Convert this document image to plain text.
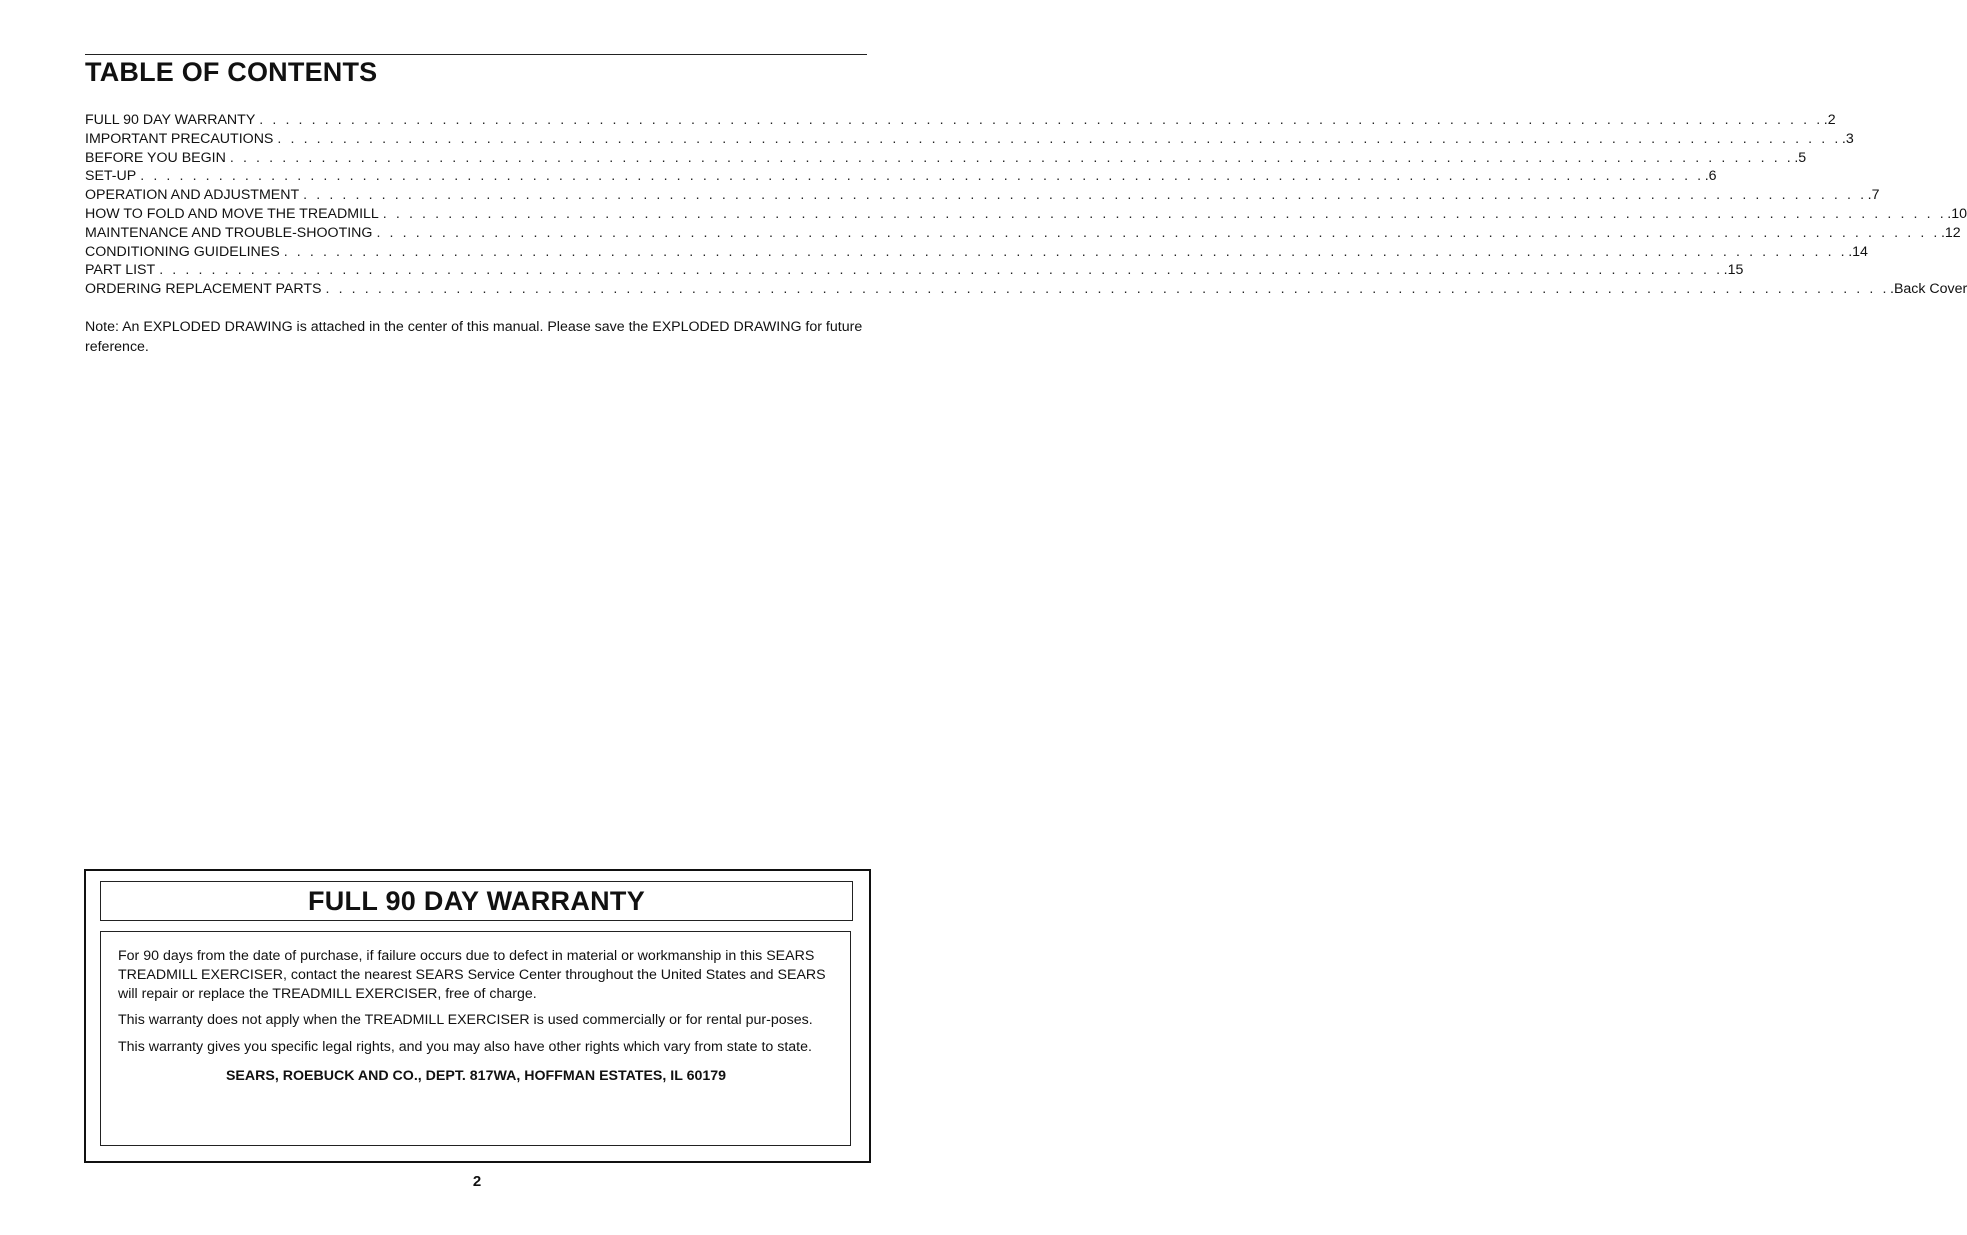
TABLE OF CONTENTS
FULL 90 DAY WARRANTY . . . . . . . . . . . . . . . . . . . . . . . . . . . . . . . . . . . . . . . . . . . . . . . . . . . . . . . . . . . . . . . . . . . . . . . . . . . . . . . . . . . . . . . . . . . . . . . . . . . . . . . . . . . . . . . . . . . . . . . . .2
IMPORTANT PRECAUTIONS . . . . . . . . . . . . . . . . . . . . . . . . . . . . . . . . . . . . . . . . . . . . . . . . . . . . . . . . . . . . . . . . . . . . . . . . . . . . . . . . . . . . . . . . . . . . . . . . . . . . . . . . . . . . . . . . . . . . . . . . .3
BEFORE YOU BEGIN . . . . . . . . . . . . . . . . . . . . . . . . . . . . . . . . . . . . . . . . . . . . . . . . . . . . . . . . . . . . . . . . . . . . . . . . . . . . . . . . . . . . . . . . . . . . . . . . . . . . . . . . . . . . . . . . . . . . . . . . .5
SET-UP . . . . . . . . . . . . . . . . . . . . . . . . . . . . . . . . . . . . . . . . . . . . . . . . . . . . . . . . . . . . . . . . . . . . . . . . . . . . . . . . . . . . . . . . . . . . . . . . . . . . . . . . . . . . . . . . . . . . . . . . .6
OPERATION AND ADJUSTMENT . . . . . . . . . . . . . . . . . . . . . . . . . . . . . . . . . . . . . . . . . . . . . . . . . . . . . . . . . . . . . . . . . . . . . . . . . . . . . . . . . . . . . . . . . . . . . . . . . . . . . . . . . . . . . . . . . . . . . . . . .7
HOW TO FOLD AND MOVE THE TREADMILL . . . . . . . . . . . . . . . . . . . . . . . . . . . . . . . . . . . . . . . . . . . . . . . . . . . . . . . . . . . . . . . . . . . . . . . . . . . . . . . . . . . . . . . . . . . . . . . . . . . . . . . . . . . . . . . . . . . . . . . . .10
MAINTENANCE AND TROUBLE-SHOOTING . . . . . . . . . . . . . . . . . . . . . . . . . . . . . . . . . . . . . . . . . . . . . . . . . . . . . . . . . . . . . . . . . . . . . . . . . . . . . . . . . . . . . . . . . . . . . . . . . . . . . . . . . . . . . . . . . . . . . . . . .12
CONDITIONING GUIDELINES . . . . . . . . . . . . . . . . . . . . . . . . . . . . . . . . . . . . . . . . . . . . . . . . . . . . . . . . . . . . . . . . . . . . . . . . . . . . . . . . . . . . . . . . . . . . . . . . . . . . . . . . . . . . . . . . . . . . . . . . .14
PART LIST . . . . . . . . . . . . . . . . . . . . . . . . . . . . . . . . . . . . . . . . . . . . . . . . . . . . . . . . . . . . . . . . . . . . . . . . . . . . . . . . . . . . . . . . . . . . . . . . . . . . . . . . . . . . . . . . . . . . . . . . .15
ORDERING REPLACEMENT PARTS . . . . . . . . . . . . . . . . . . . . . . . . . . . . . . . . . . . . . . . . . . . . . . . . . . . . . . . . . . . . . . . . . . . . . . . . . . . . . . . . . . . . . . . . . . . . . . . . . . . . . . . . . . . . . . . . . . . . . . . . .Back Cover

Note: An EXPLODED DRAWING is attached in the center of this manual. Please save the EXPLODED DRAWING for future reference.

FULL 90 DAY WARRANTY

For 90 days from the date of purchase, if failure occurs due to defect in material or workmanship in this SEARS TREADMILL EXERCISER, contact the nearest SEARS Service Center throughout the United States and SEARS will repair or replace the TREADMILL EXERCISER, free of charge.

This warranty does not apply when the TREADMILL EXERCISER is used commercially or for rental pur-poses.

This warranty gives you specific legal rights, and you may also have other rights which vary from state to state.

SEARS, ROEBUCK AND CO., DEPT. 817WA, HOFFMAN ESTATES, IL 60179

2
